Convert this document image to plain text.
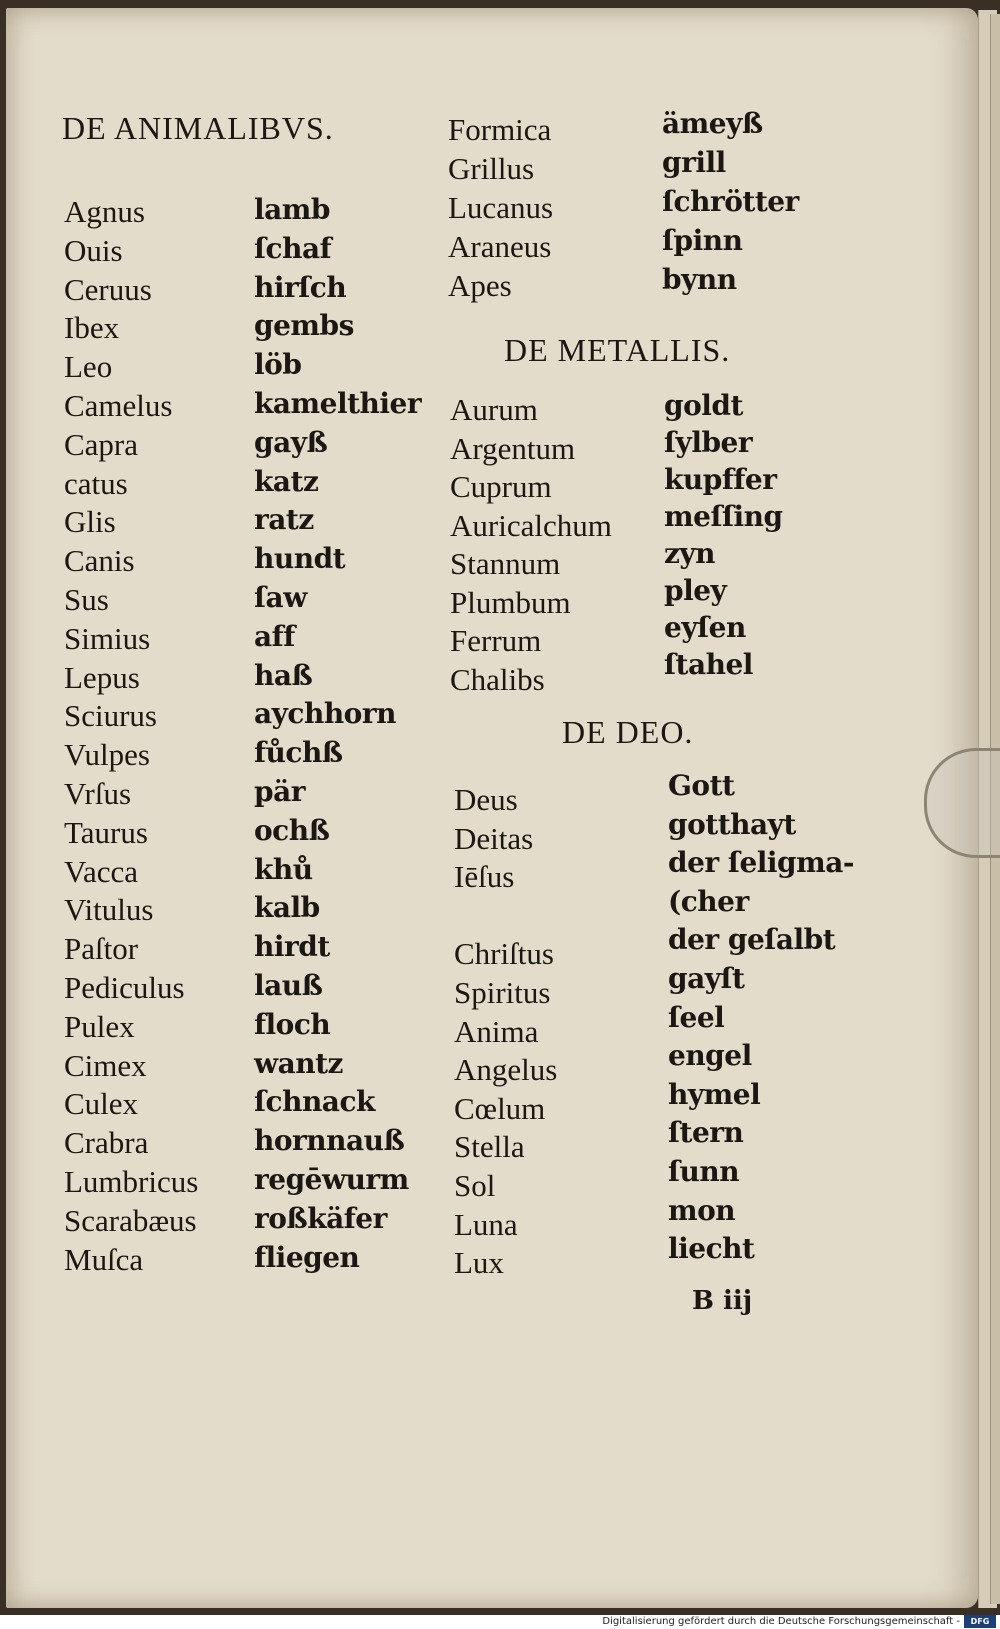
DE ANIMALIBVS.
DE METALLIS.
DE DEO.
Agnus
Ouis
Ceruus
Ibex
Leo
Camelus
Capra
catus
Glis
Canis
Sus
Simius
Lepus
Sciurus
Vulpes
Vrſus
Taurus
Vacca
Vitulus
Paſtor
Pediculus
Pulex
Cimex
Culex
Crabra
Lumbricus
Scarabæus
Muſca
lamb
ſchaf
hirſch
gembs
löb
kamelthier
gayß
katz
ratz
hundt
ſaw
aff
haß
aychhorn
fůchß
pär
ochß
khů
kalb
hirdt
lauß
floch
wantz
ſchnack
hornnauß
regēwurm
roßkäfer
fliegen
Formica
Grillus
Lucanus
Araneus
Apes
ämeyß
grill
ſchrötter
ſpinn
bynn
Aurum
Argentum
Cuprum
Auricalchum
Stannum
Plumbum
Ferrum
Chalibs
goldt
ſylber
kupffer
meſſing
zyn
pley
eyſen
ſtahel
Deus
Deitas
Iēſus
Chriſtus
Spiritus
Anima
Angelus
Cœlum
Stella
Sol
Luna
Lux
Gott
gotthayt
der ſeligma-
(cher
der geſalbt
gayſt
ſeel
engel
hymel
ſtern
ſunn
mon
liecht
B iij
Digitalisierung gefördert durch die Deutsche Forschungsgemeinschaft -	DFG
